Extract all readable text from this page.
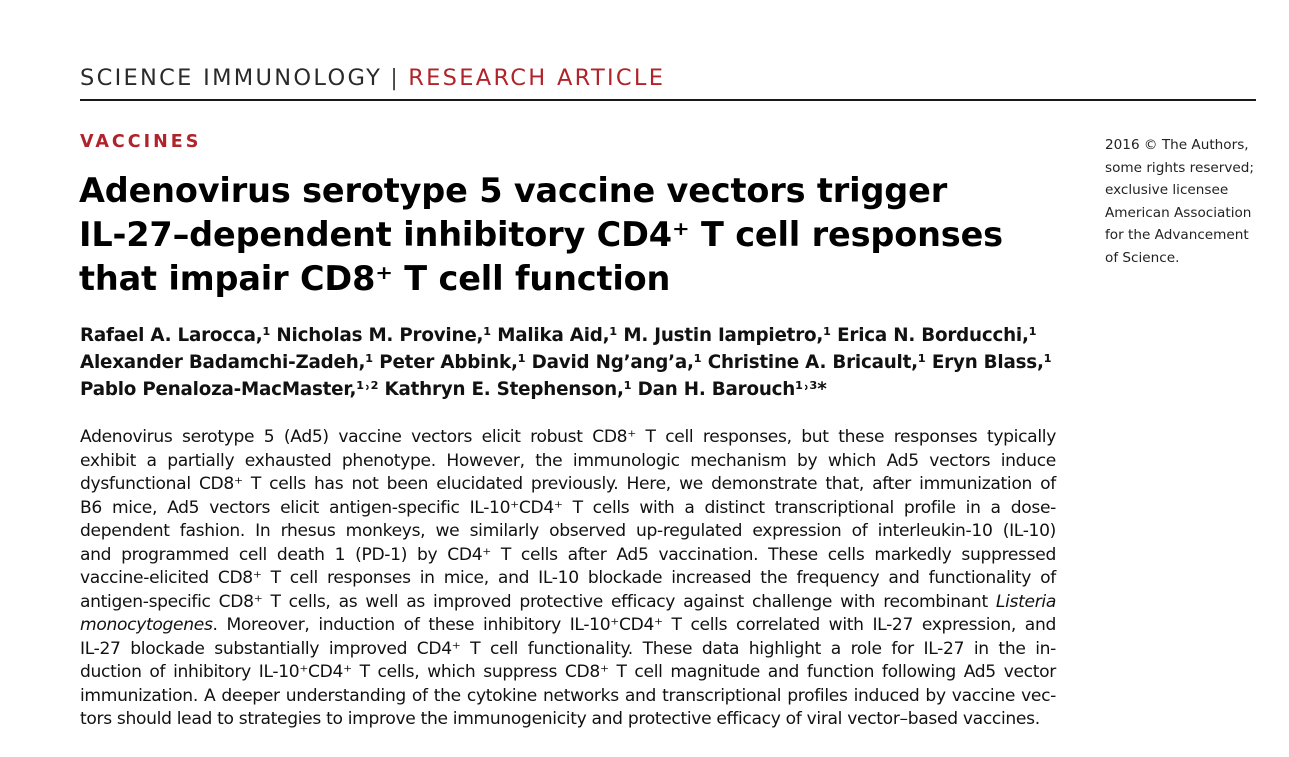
SCIENCE IMMUNOLOGY | RESEARCH ARTICLE
VACCINES
Adenovirus serotype 5 vaccine vectors trigger
IL-27–dependent inhibitory CD4⁺ T cell responses
that impair CD8⁺ T cell function
Rafael A. Larocca,¹ Nicholas M. Provine,¹ Malika Aid,¹ M. Justin Iampietro,¹ Erica N. Borducchi,¹
Alexander Badamchi-Zadeh,¹ Peter Abbink,¹ David Ng’ang’a,¹ Christine A. Bricault,¹ Eryn Blass,¹
Pablo Penaloza-MacMaster,¹˒² Kathryn E. Stephenson,¹ Dan H. Barouch¹˒³*
Adenovirus serotype 5 (Ad5) vaccine vectors elicit robust CD8⁺ T cell responses, but these responses typically
exhibit a partially exhausted phenotype. However, the immunologic mechanism by which Ad5 vectors induce
dysfunctional CD8⁺ T cells has not been elucidated previously. Here, we demonstrate that, after immunization of
B6 mice, Ad5 vectors elicit antigen-specific IL-10⁺CD4⁺ T cells with a distinct transcriptional profile in a dose-
dependent fashion. In rhesus monkeys, we similarly observed up-regulated expression of interleukin-10 (IL-10)
and programmed cell death 1 (PD-1) by CD4⁺ T cells after Ad5 vaccination. These cells markedly suppressed
vaccine-elicited CD8⁺ T cell responses in mice, and IL-10 blockade increased the frequency and functionality of
antigen-specific CD8⁺ T cells, as well as improved protective efficacy against challenge with recombinant Listeria
monocytogenes. Moreover, induction of these inhibitory IL-10⁺CD4⁺ T cells correlated with IL-27 expression, and
IL-27 blockade substantially improved CD4⁺ T cell functionality. These data highlight a role for IL-27 in the in-
duction of inhibitory IL-10⁺CD4⁺ T cells, which suppress CD8⁺ T cell magnitude and function following Ad5 vector
immunization. A deeper understanding of the cytokine networks and transcriptional profiles induced by vaccine vec-
tors should lead to strategies to improve the immunogenicity and protective efficacy of viral vector–based vaccines.
2016 © The Authors,
some rights reserved;
exclusive licensee
American Association
for the Advancement
of Science.
